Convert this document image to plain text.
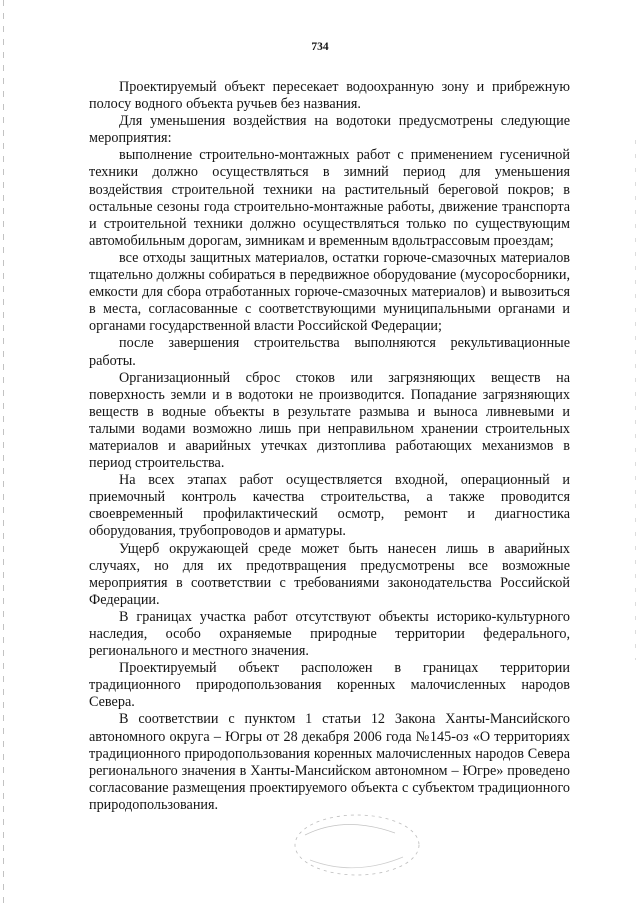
734

Проектируемый объект пересекает водоохранную зону и прибрежную полосу водного объекта ручьев без названия.

Для уменьшения воздействия на водотоки предусмотрены следующие мероприятия:

выполнение строительно-монтажных работ с применением гусеничной техники должно осуществляться в зимний период для уменьшения воздействия строительной техники на растительный береговой покров; в остальные сезоны года строительно-монтажные работы, движение транспорта и строительной техники должно осуществляться только по существующим автомобильным дорогам, зимникам и временным вдольтрассовым проездам;

все отходы защитных материалов, остатки горюче-смазочных материалов тщательно должны собираться в передвижное оборудование (мусоросборники, емкости для сбора отработанных горюче-смазочных материалов) и вывозиться в места, согласованные с соответствующими муниципальными органами и органами государственной власти Российской Федерации;

после завершения строительства выполняются рекультивационные работы.

Организационный сброс стоков или загрязняющих веществ на поверхность земли и в водотоки не производится. Попадание загрязняющих веществ в водные объекты в результате размыва и выноса ливневыми и талыми водами возможно лишь при неправильном хранении строительных материалов и аварийных утечках дизтоплива работающих механизмов в период строительства.

На всех этапах работ осуществляется входной, операционный и приемочный контроль качества строительства, а также проводится своевременный профилактический осмотр, ремонт и диагностика оборудования, трубопроводов и арматуры.

Ущерб окружающей среде может быть нанесен лишь в аварийных случаях, но для их предотвращения предусмотрены все возможные мероприятия в соответствии с требованиями законодательства Российской Федерации.

В границах участка работ отсутствуют объекты историко-культурного наследия, особо охраняемые природные территории федерального, регионального и местного значения.

Проектируемый объект расположен в границах территории традиционного природопользования коренных малочисленных народов Севера.

В соответствии с пунктом 1 статьи 12 Закона Ханты-Мансийского автономного округа – Югры от 28 декабря 2006 года №145-оз «О территориях традиционного природопользования коренных малочисленных народов Севера регионального значения в Ханты-Мансийском автономном – Югре» проведено согласование размещения проектируемого объекта с субъектом традиционного природопользования.
